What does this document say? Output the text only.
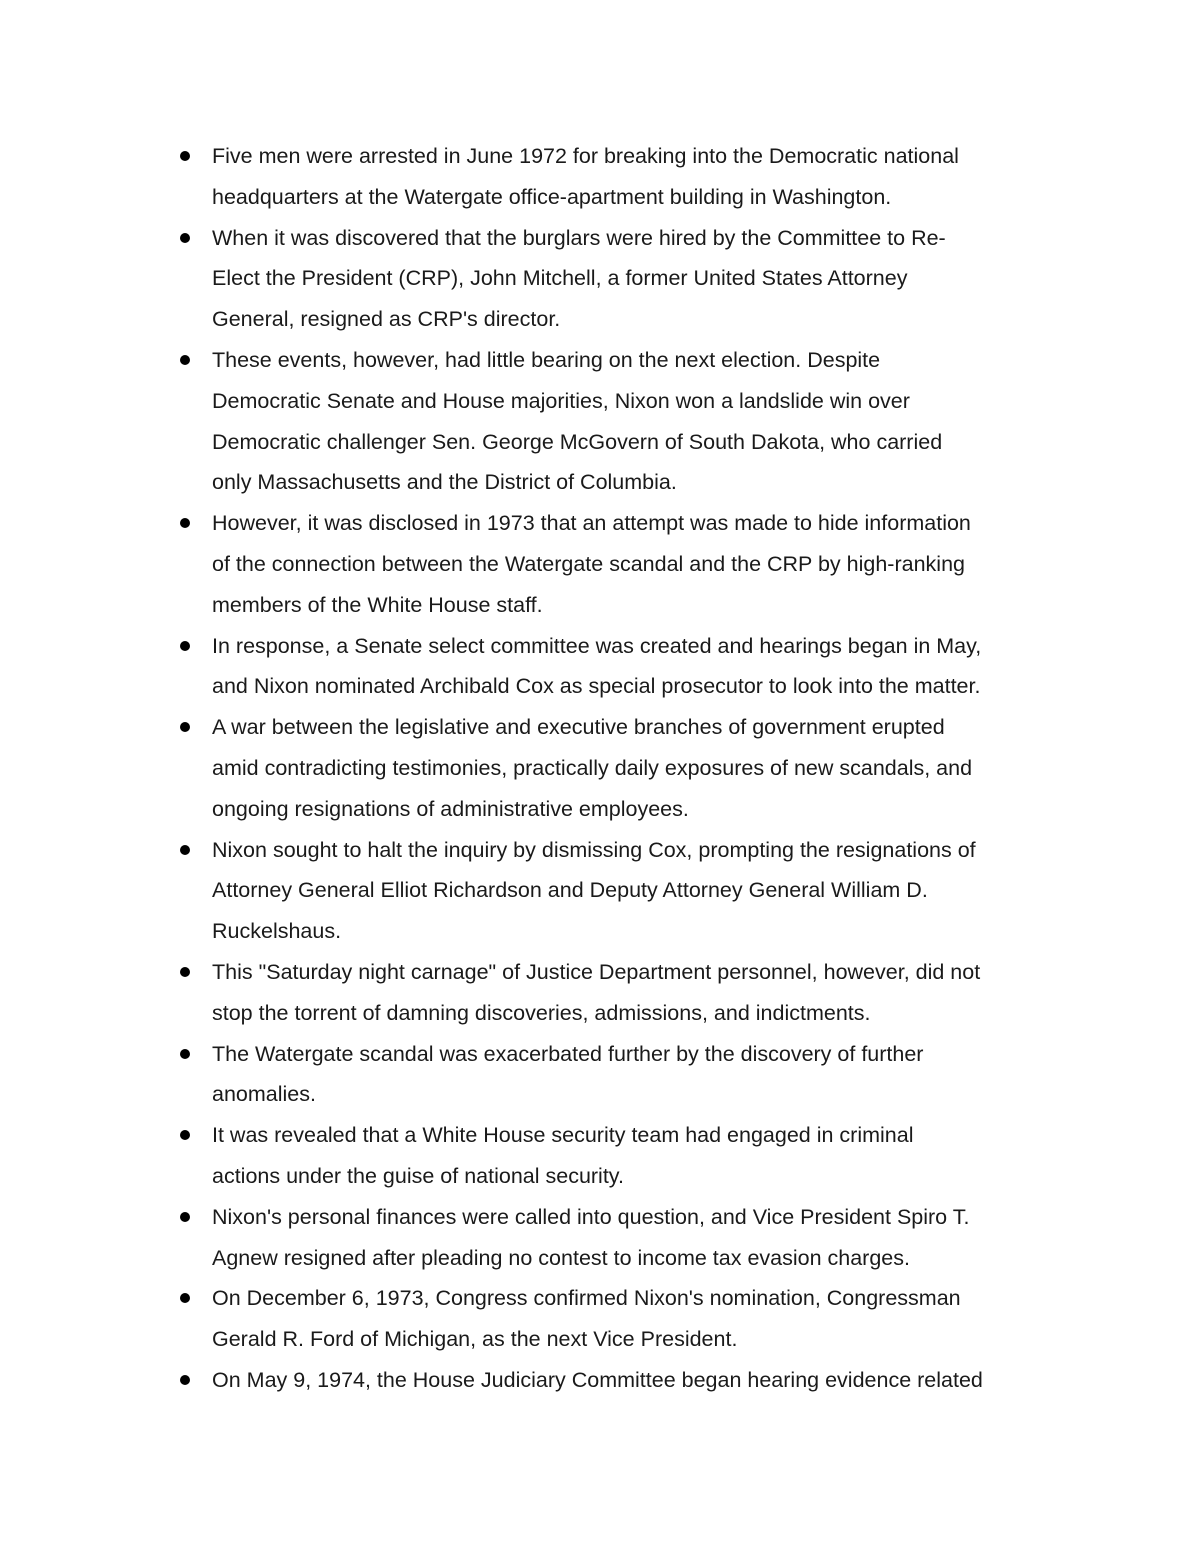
Five men were arrested in June 1972 for breaking into the Democratic national
headquarters at the Watergate office-apartment building in Washington.
When it was discovered that the burglars were hired by the Committee to Re-
Elect the President (CRP), John Mitchell, a former United States Attorney
General, resigned as CRP's director.
These events, however, had little bearing on the next election. Despite
Democratic Senate and House majorities, Nixon won a landslide win over
Democratic challenger Sen. George McGovern of South Dakota, who carried
only Massachusetts and the District of Columbia.
However, it was disclosed in 1973 that an attempt was made to hide information
of the connection between the Watergate scandal and the CRP by high-ranking
members of the White House staff.
In response, a Senate select committee was created and hearings began in May,
and Nixon nominated Archibald Cox as special prosecutor to look into the matter.
A war between the legislative and executive branches of government erupted
amid contradicting testimonies, practically daily exposures of new scandals, and
ongoing resignations of administrative employees.
Nixon sought to halt the inquiry by dismissing Cox, prompting the resignations of
Attorney General Elliot Richardson and Deputy Attorney General William D.
Ruckelshaus.
This "Saturday night carnage" of Justice Department personnel, however, did not
stop the torrent of damning discoveries, admissions, and indictments.
The Watergate scandal was exacerbated further by the discovery of further
anomalies.
It was revealed that a White House security team had engaged in criminal
actions under the guise of national security.
Nixon's personal finances were called into question, and Vice President Spiro T.
Agnew resigned after pleading no contest to income tax evasion charges.
On December 6, 1973, Congress confirmed Nixon's nomination, Congressman
Gerald R. Ford of Michigan, as the next Vice President.
On May 9, 1974, the House Judiciary Committee began hearing evidence related
